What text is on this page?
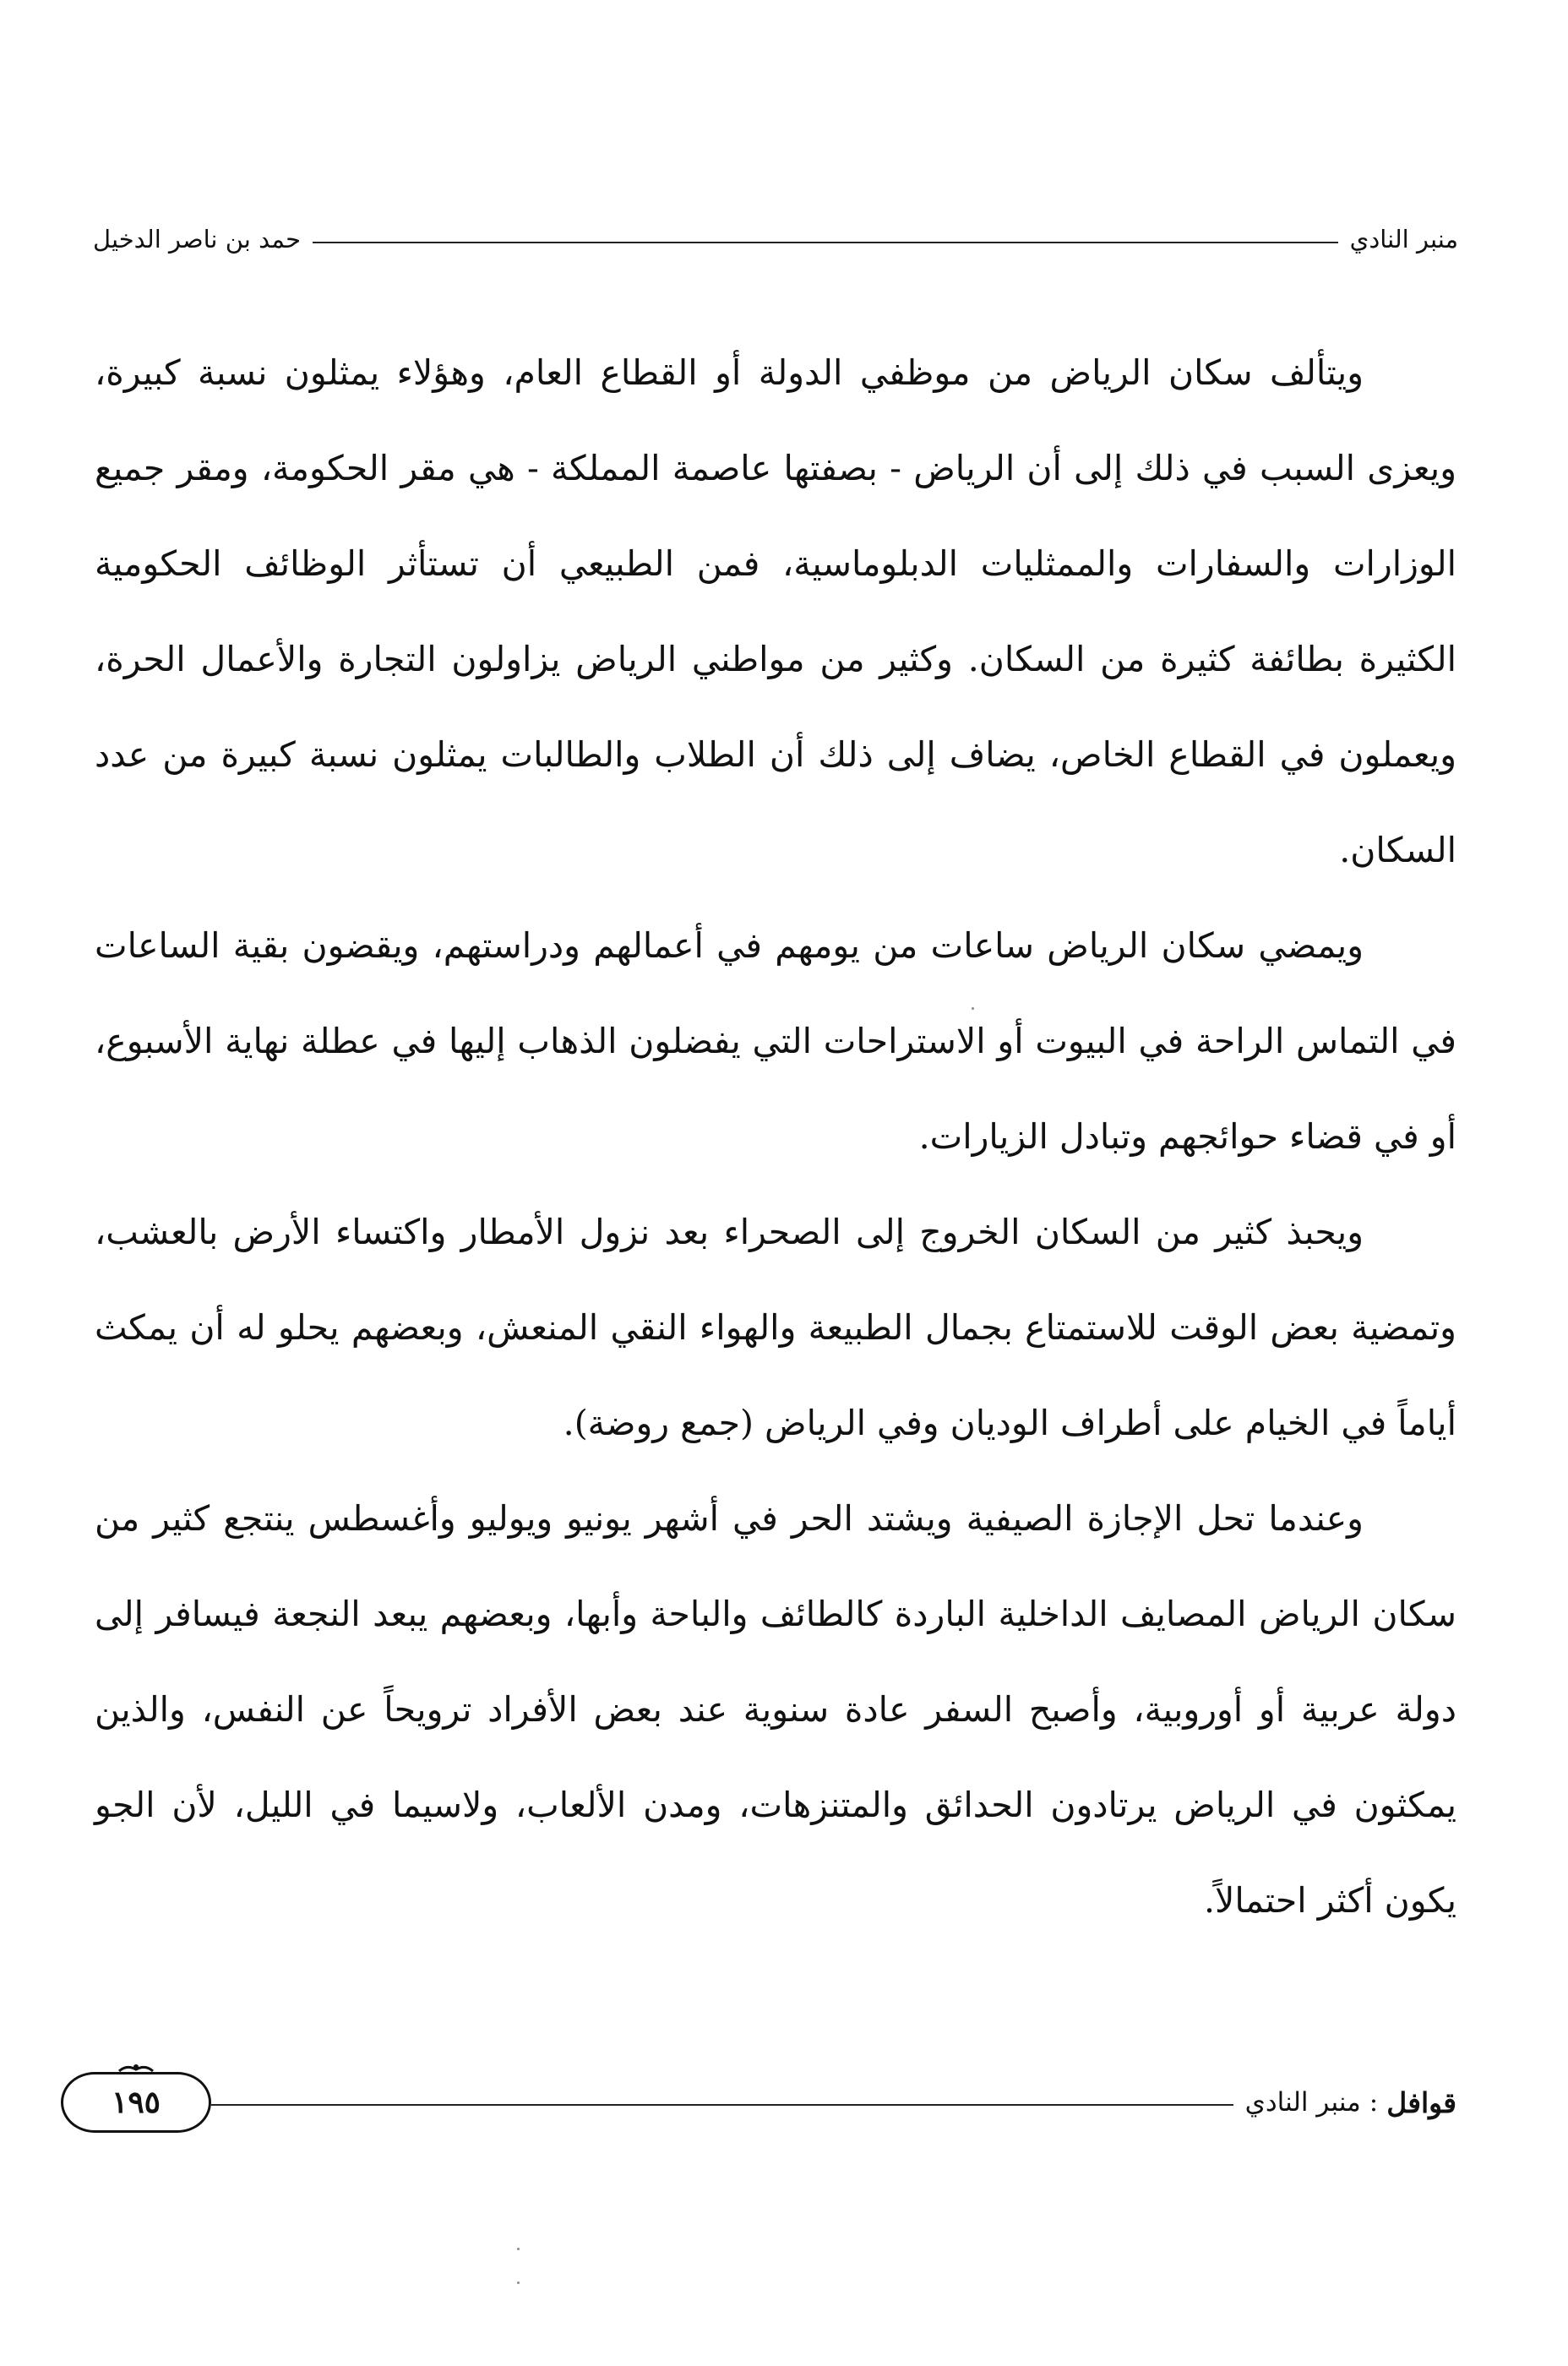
منبر النادي
حمد بن ناصر الدخيل

ويتألف سكان الرياض من موظفي الدولة أو القطاع العام، وهؤلاء يمثلون نسبة كبيرة، ويعزى السبب في ذلك إلى أن الرياض - بصفتها عاصمة المملكة - هي مقر الحكومة، ومقر جميع الوزارات والسفارات والممثليات الدبلوماسية، فمن الطبيعي أن تستأثر الوظائف الحكومية الكثيرة بطائفة كثيرة من السكان. وكثير من مواطني الرياض يزاولون التجارة والأعمال الحرة، ويعملون في القطاع الخاص، يضاف إلى ذلك أن الطلاب والطالبات يمثلون نسبة كبيرة من عدد السكان.

ويمضي سكان الرياض ساعات من يومهم في أعمالهم ودراستهم، ويقضون بقية الساعات في التماس الراحة في البيوت أو الاستراحات التي يفضلون الذهاب إليها في عطلة نهاية الأسبوع، أو في قضاء حوائجهم وتبادل الزيارات.

ويحبذ كثير من السكان الخروج إلى الصحراء بعد نزول الأمطار واكتساء الأرض بالعشب، وتمضية بعض الوقت للاستمتاع بجمال الطبيعة والهواء النقي المنعش، وبعضهم يحلو له أن يمكث أياماً في الخيام على أطراف الوديان وفي الرياض (جمع روضة).

وعندما تحل الإجازة الصيفية ويشتد الحر في أشهر يونيو ويوليو وأغسطس ينتجع كثير من سكان الرياض المصايف الداخلية الباردة كالطائف والباحة وأبها، وبعضهم يبعد النجعة فيسافر إلى دولة عربية أو أوروبية، وأصبح السفر عادة سنوية عند بعض الأفراد ترويحاً عن النفس، والذين يمكثون في الرياض يرتادون الحدائق والمتنزهات، ومدن الألعاب، ولاسيما في الليل، لأن الجو يكون أكثر احتمالاً.

قوافل
:
منبر النادي
١٩٥
